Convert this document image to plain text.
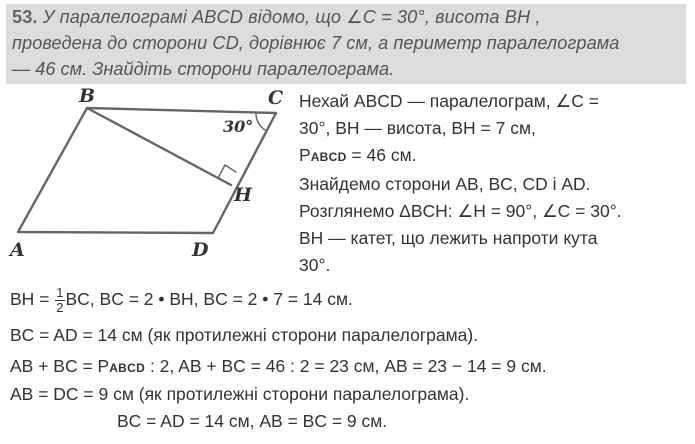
53. У паралелограмі ABCD відомо, що ∠C = 30°, висота BH ,
проведена до сторони CD, дорівнює 7 см, а периметр паралелограма
— 46 см. Знайдіть сторони паралелограма.
A
B	C
D
H
30°
Нехай ABCD — паралелограм, ∠C =
30°, BH — висота, BH = 7 см,
PABCD = 46 см.
Знайдемо сторони AB, BC, CD і AD.
Розглянемо ΔBCH: ∠H = 90°, ∠C = 30°.
BH — катет, що лежить напроти кута
30°.
BH = $\frac{1}{2}$ BC, BC = 2 • BH, BC = 2 • 7 = 14 см.
BC = AD = 14 см (як протилежні сторони паралелограма).
AB + BC = PABCD : 2, AB + BC = 46 : 2 = 23 см, AB = 23 − 14 = 9 см.
AB = DC = 9 см (як протилежні сторони паралелограма).
BC = AD = 14 см, AB = BC = 9 см.
